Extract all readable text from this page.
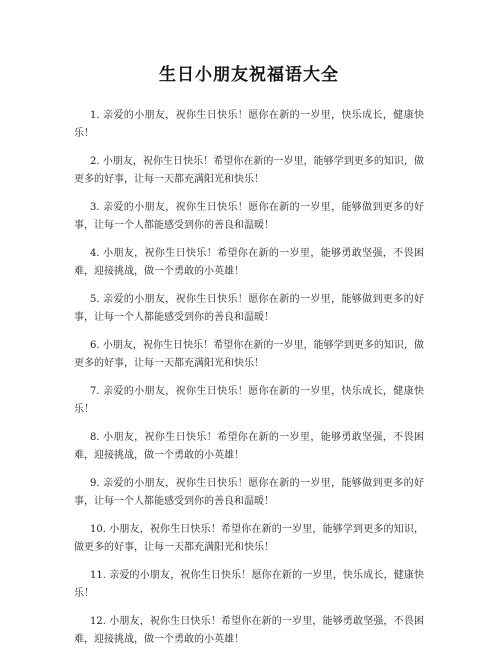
生日小朋友祝福语大全

1. 亲爱的小朋友，祝你生日快乐！愿你在新的一岁里，快乐成长，健康快乐！

2. 小朋友，祝你生日快乐！希望你在新的一岁里，能够学到更多的知识，做更多的好事，让每一天都充满阳光和快乐！

3. 亲爱的小朋友，祝你生日快乐！愿你在新的一岁里，能够做到更多的好事，让每一个人都能感受到你的善良和温暖！

4. 小朋友，祝你生日快乐！希望你在新的一岁里，能够勇敢坚强，不畏困难，迎接挑战，做一个勇敢的小英雄！

5. 亲爱的小朋友，祝你生日快乐！愿你在新的一岁里，能够做到更多的好事，让每一个人都能感受到你的善良和温暖！

6. 小朋友，祝你生日快乐！希望你在新的一岁里，能够学到更多的知识，做更多的好事，让每一天都充满阳光和快乐！

7. 亲爱的小朋友，祝你生日快乐！愿你在新的一岁里，快乐成长，健康快乐！

8. 小朋友，祝你生日快乐！希望你在新的一岁里，能够勇敢坚强，不畏困难，迎接挑战，做一个勇敢的小英雄！

9. 亲爱的小朋友，祝你生日快乐！愿你在新的一岁里，能够做到更多的好事，让每一个人都能感受到你的善良和温暖！

10. 小朋友，祝你生日快乐！希望你在新的一岁里，能够学到更多的知识，做更多的好事，让每一天都充满阳光和快乐！

11. 亲爱的小朋友，祝你生日快乐！愿你在新的一岁里，快乐成长，健康快乐！

12. 小朋友，祝你生日快乐！希望你在新的一岁里，能够勇敢坚强，不畏困难，迎接挑战，做一个勇敢的小英雄！
